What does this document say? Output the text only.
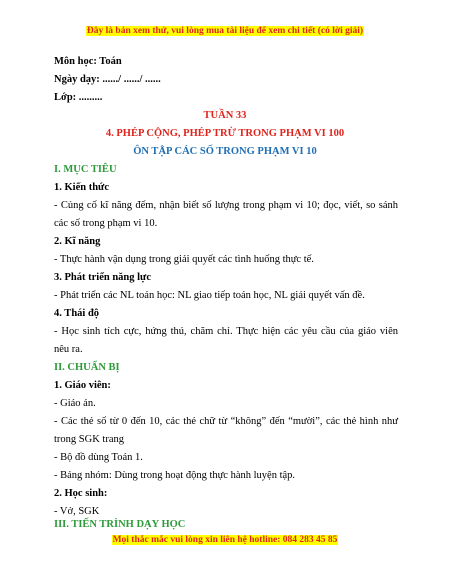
Đây là bản xem thử, vui lòng mua tài liệu để xem chi tiết (có lời giải)
Môn học: Toán
Ngày dạy: ....../ ....../ ......
Lớp: .........
TUẦN 33
4. PHÉP CỘNG, PHÉP TRỪ TRONG PHẠM VI 100
ÔN TẬP CÁC SỐ TRONG PHẠM VI 10
I. MỤC TIÊU
1. Kiến thức
- Củng cố kĩ năng đếm, nhận biết số lượng trong phạm vi 10; đọc, viết, so sánh
các số trong phạm vi 10.
2. Kĩ năng
- Thực hành vận dụng trong giải quyết các tình huống thực tế.
3. Phát triển năng lực
- Phát triển các NL toán học: NL giao tiếp toán học, NL giải quyết vấn đề.
4. Thái độ
- Học sinh tích cực, hứng thú, chăm chỉ. Thực hiện các yêu cầu của giáo viên
nêu ra.
II. CHUẨN BỊ
1. Giáo viên:
- Giáo án.
- Các thẻ số từ 0 đến 10, các thẻ chữ từ “không” đến “mười”, các thẻ hình như
trong SGK trang
- Bộ đồ dùng Toán 1.
- Bảng nhóm: Dùng trong hoạt động thực hành luyện tập.
2. Học sinh:
- Vở, SGK
III. TIẾN TRÌNH DẠY HỌC
Mọi thắc mắc vui lòng xin liên hệ hotline: 084 283 45 85
